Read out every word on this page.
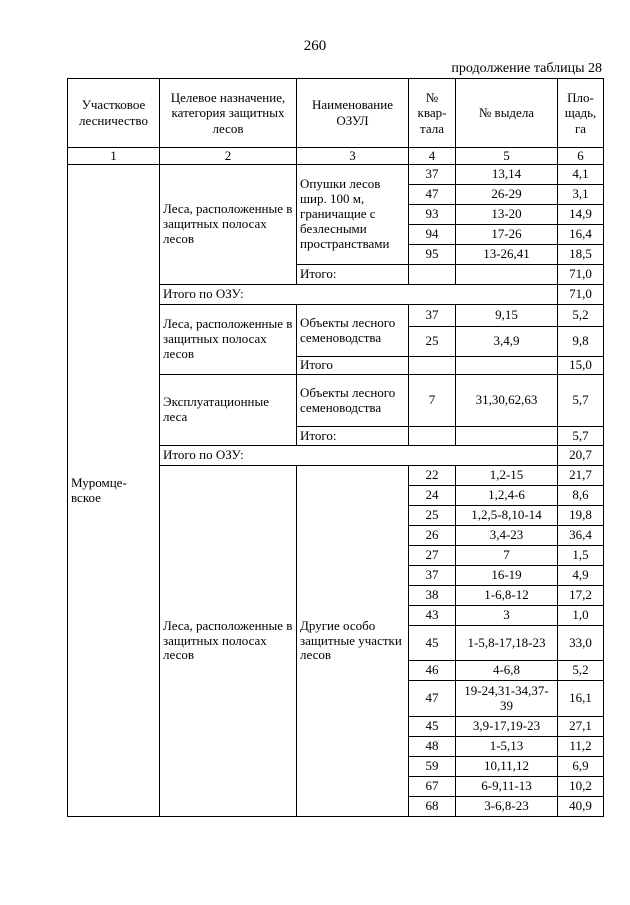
260
продолжение таблицы 28
Участковое лесничество	Целевое назначение, категория защитных лесов	Наименование ОЗУЛ	№ квар-тала	№ выдела	Пло-щадь, га
1	2	3	4	5	6
Муромце-вское	Леса, расположенные в защитных полосах лесов	Опушки лесов шир. 100 м, граничащие с безлесными пространствами	37	13,14	4,1
			47	26-29	3,1
			93	13-20	14,9
			94	17-26	16,4
			95	13-26,41	18,5
		Итого:			71,0
	Итого по ОЗУ:				71,0
	Леса, расположенные в защитных полосах лесов	Объекты лесного семеноводства	37	9,15	5,2
			25	3,4,9	9,8
		Итого			15,0
	Эксплуатационные леса	Объекты лесного семеноводства	7	31,30,62,63	5,7
		Итого:			5,7
	Итого по ОЗУ:				20,7
	Леса, расположенные в защитных полосах лесов	Другие особо защитные участки лесов	22	1,2-15	21,7
			24	1,2,4-6	8,6
			25	1,2,5-8,10-14	19,8
			26	3,4-23	36,4
			27	7	1,5
			37	16-19	4,9
			38	1-6,8-12	17,2
			43	3	1,0
			45	1-5,8-17,18-23	33,0
			46	4-6,8	5,2
			47	19-24,31-34,37-39	16,1
			45	3,9-17,19-23	27,1
			48	1-5,13	11,2
			59	10,11,12	6,9
			67	6-9,11-13	10,2
			68	3-6,8-23	40,9
